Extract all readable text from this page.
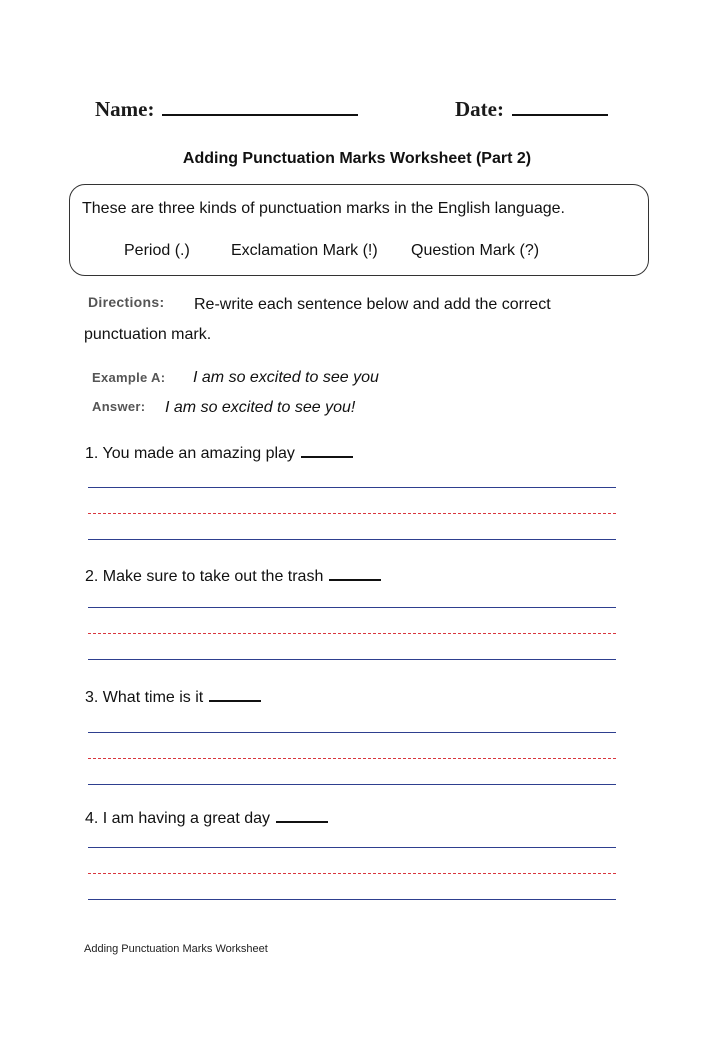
Name:	Date:
Adding Punctuation Marks Worksheet (Part 2)
These are three kinds of punctuation marks in the English language.
Period (.)	Exclamation Mark (!) Question Mark (?)
Directions: Re-write each sentence below and add the correct
punctuation mark.
Example A: I am so excited to see you
Answer: I am so excited to see you!
1. You made an amazing play
2. Make sure to take out the trash
3. What time is it
4. I am having a great day
Adding Punctuation Marks Worksheet
